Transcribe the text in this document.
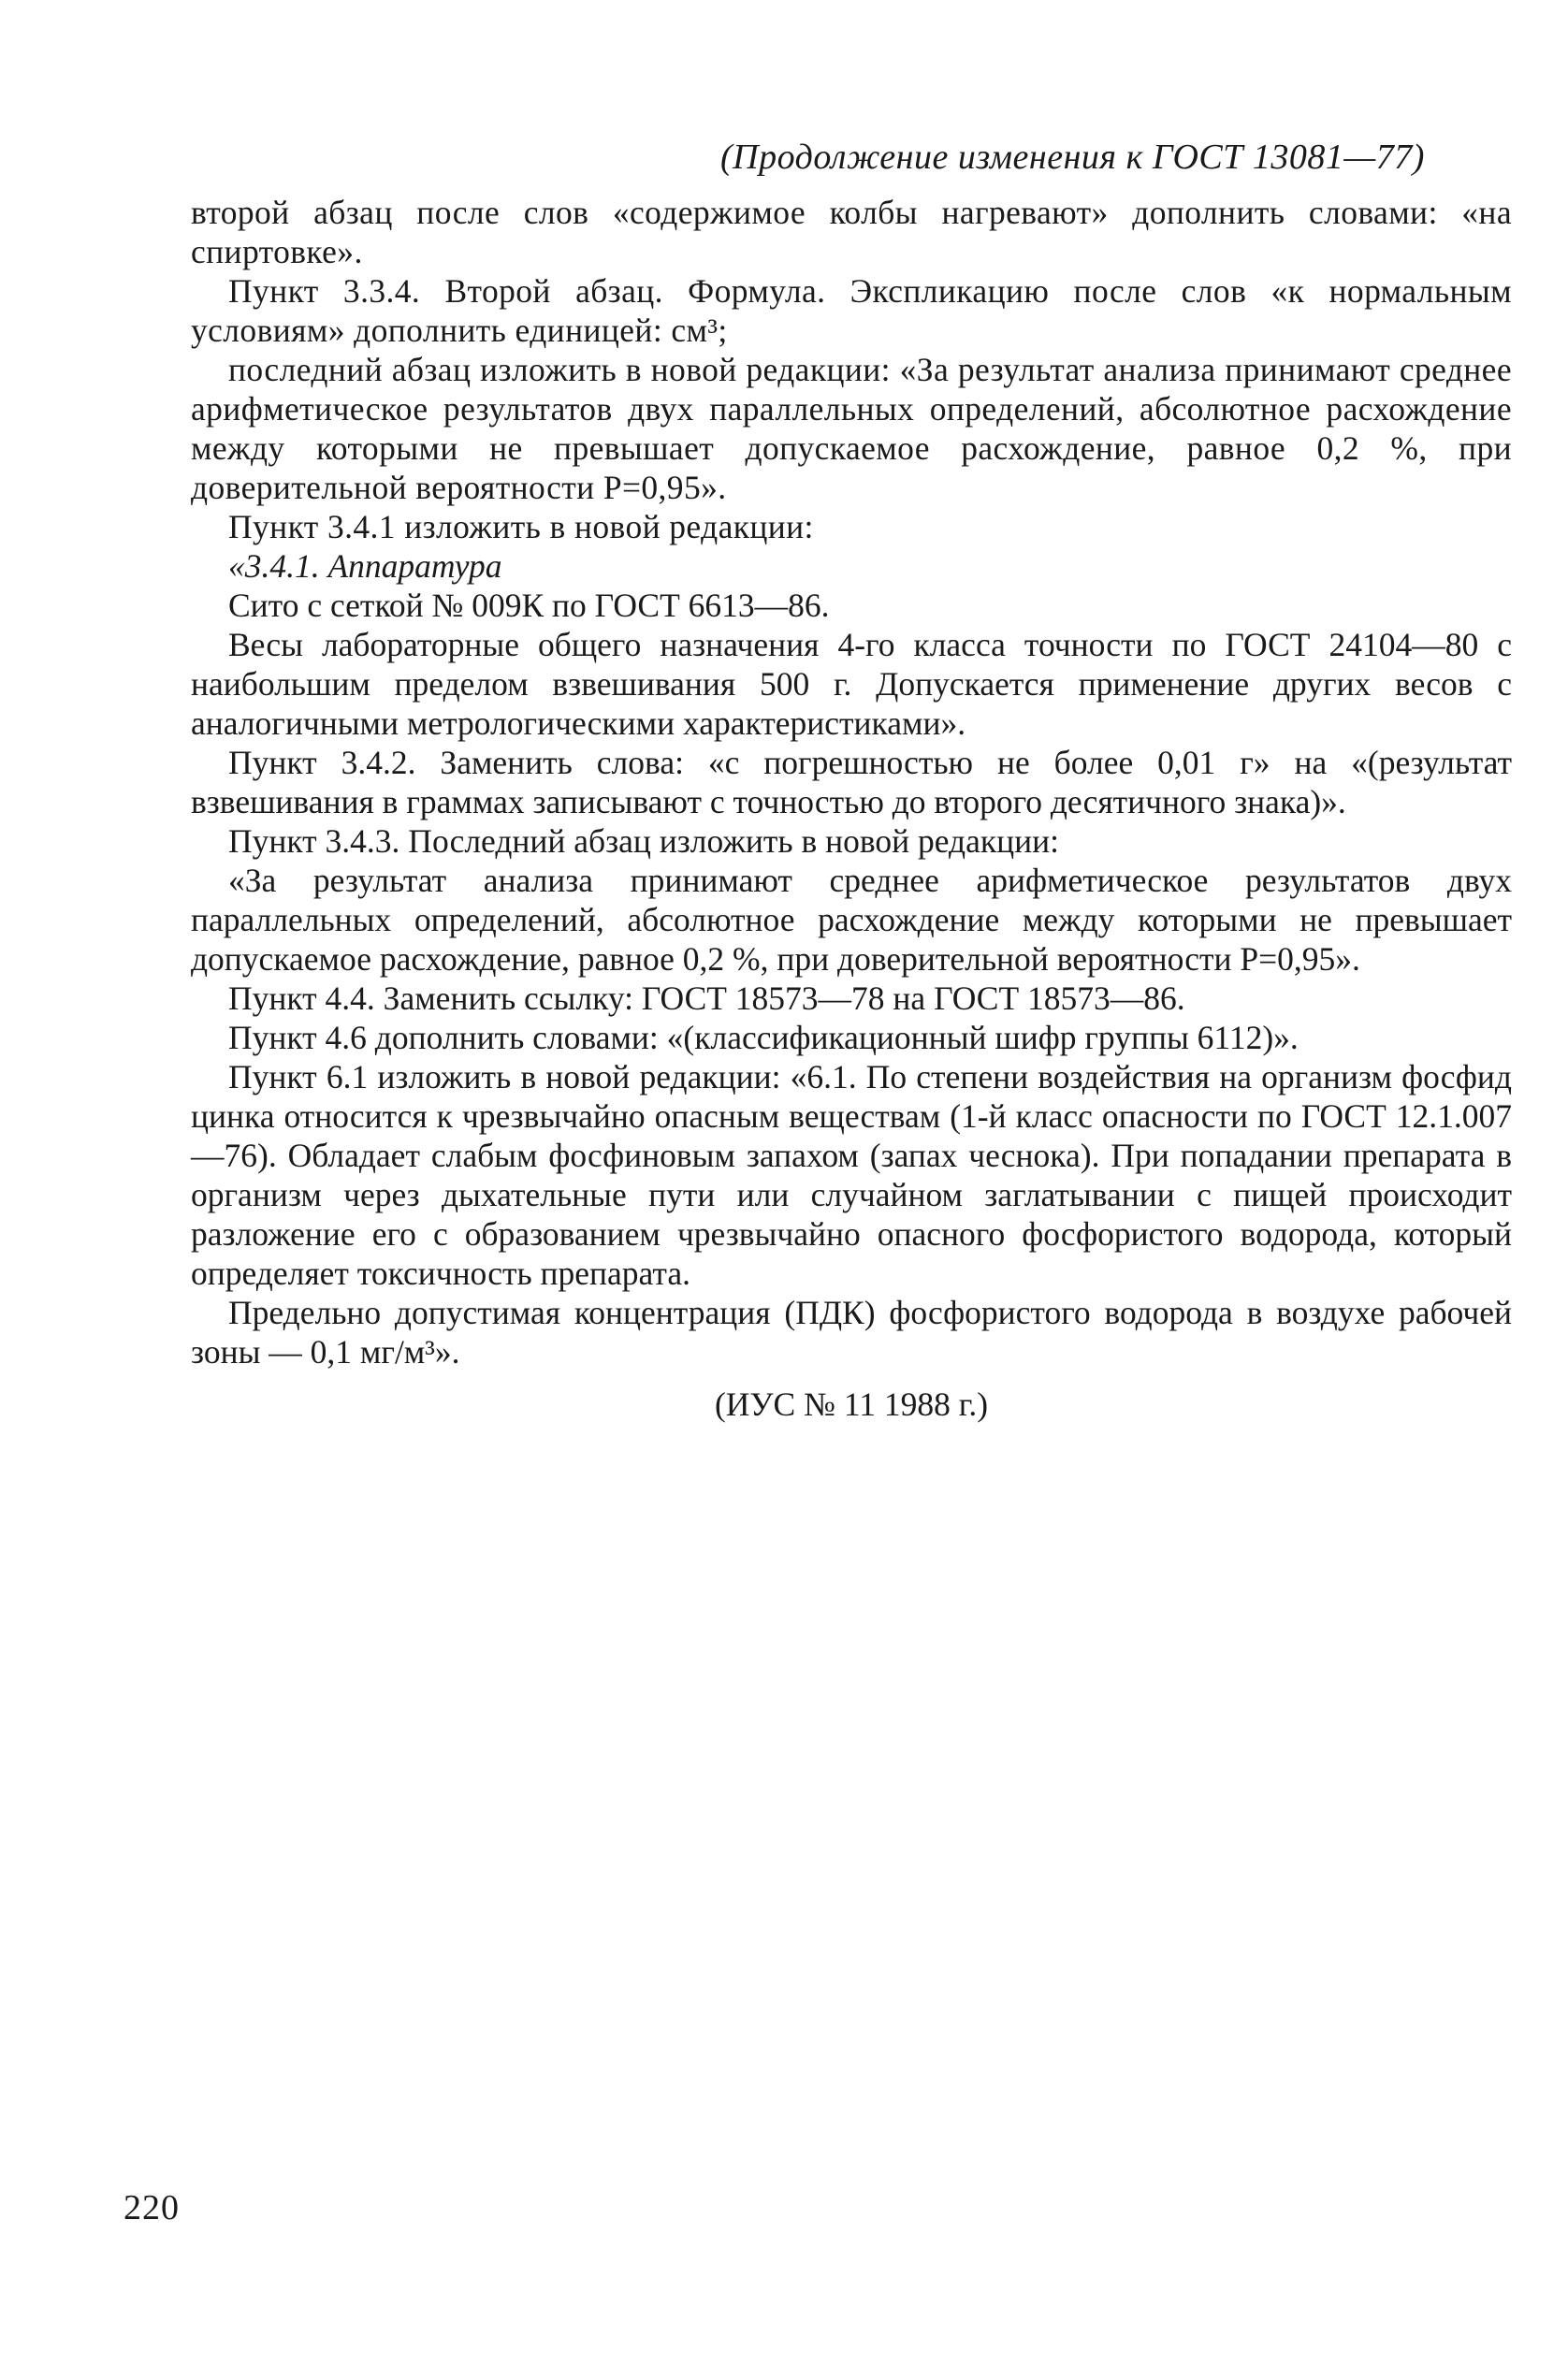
(Продолжение изменения к ГОСТ 13081—77)

второй абзац после слов «содержимое колбы нагревают» дополнить словами: «на спиртовке».

Пункт 3.3.4. Второй абзац. Формула. Экспликацию после слов «к нормальным условиям» дополнить единицей: см³;

последний абзац изложить в новой редакции: «За результат анализа принимают среднее арифметическое результатов двух параллельных определений, абсолютное расхождение между которыми не превышает допускаемое расхождение, равное 0,2 %, при доверительной вероятности P=0,95».

Пункт 3.4.1 изложить в новой редакции:

«3.4.1. Аппаратура

Сито с сеткой № 009К по ГОСТ 6613—86.

Весы лабораторные общего назначения 4-го класса точности по ГОСТ 24104—80 с наибольшим пределом взвешивания 500 г. Допускается применение других весов с аналогичными метрологическими характеристиками».

Пункт 3.4.2. Заменить слова: «с погрешностью не более 0,01 г» на «(результат взвешивания в граммах записывают с точностью до второго десятичного знака)».

Пункт 3.4.3. Последний абзац изложить в новой редакции:

«За результат анализа принимают среднее арифметическое результатов двух параллельных определений, абсолютное расхождение между которыми не превышает допускаемое расхождение, равное 0,2 %, при доверительной вероятности P=0,95».

Пункт 4.4. Заменить ссылку: ГОСТ 18573—78 на ГОСТ 18573—86.

Пункт 4.6 дополнить словами: «(классификационный шифр группы 6112)».

Пункт 6.1 изложить в новой редакции: «6.1. По степени воздействия на организм фосфид цинка относится к чрезвычайно опасным веществам (1-й класс опасности по ГОСТ 12.1.007—76). Обладает слабым фосфиновым запахом (запах чеснока). При попадании препарата в организм через дыхательные пути или случайном заглатывании с пищей происходит разложение его с образованием чрезвычайно опасного фосфористого водорода, который определяет токсичность препарата.

Предельно допустимая концентрация (ПДК) фосфористого водорода в воздухе рабочей зоны — 0,1 мг/м³».

(ИУС № 11 1988 г.)

220
